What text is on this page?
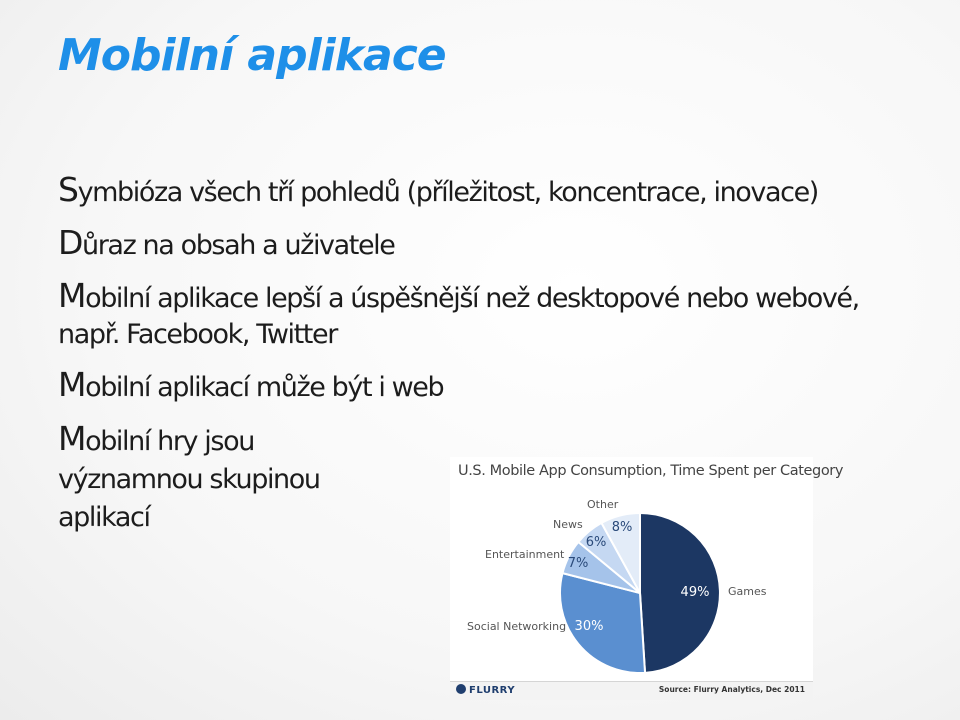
Mobilní aplikace
Symbióza všech tří pohledů (příležitost, koncentrace, inovace)
Důraz na obsah a uživatele
Mobilní aplikace lepší a úspěšnější než desktopové nebo webové, např. Facebook, Twitter
Mobilní aplikací může být i web
Mobilní hry jsou významnou skupinou aplikací
U.S. Mobile App Consumption, Time Spent per Category
49% Games
30%
Social Networking
7%
Entertainment
6%
News 8%
Other
FLURRY	Source: Flurry Analytics, Dec 2011
